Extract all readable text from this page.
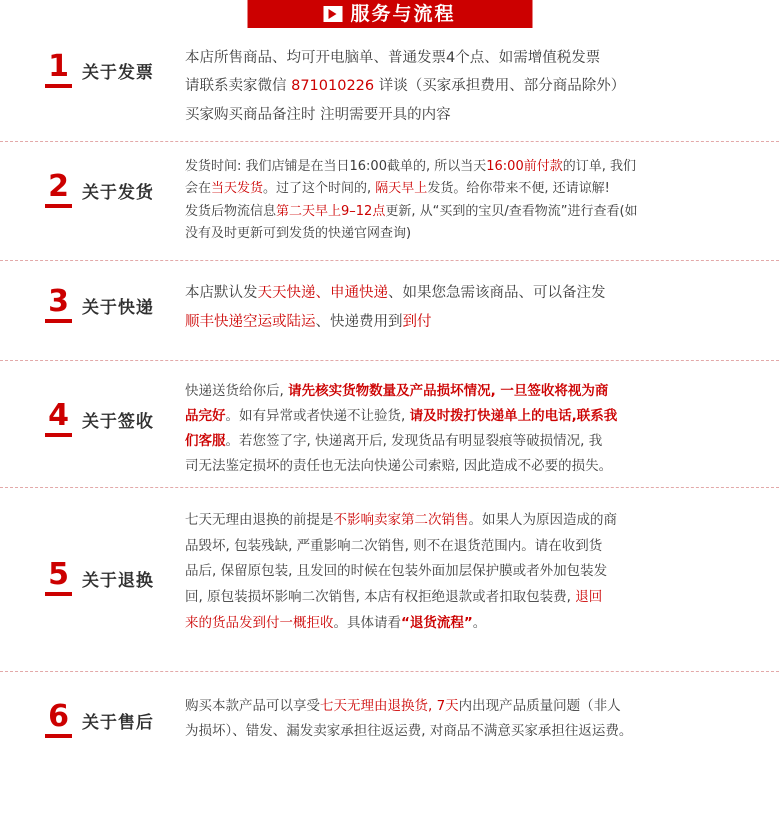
服务与流程
1 关于发票

本店所售商品、均可开电脑单、普通发票4个点、如需增值税发票

请联系卖家微信 871010226 详谈（买家承担费用、部分商品除外）

买家购买商品备注时 注明需要开具的内容

2 关于发货

发货时间: 我们店铺是在当日16:00截单的, 所以当天16:00前付款的订单, 我们

会在当天发货。过了这个时间的, 隔天早上发货。给你带来不便, 还请谅解!

发货后物流信息第二天早上9–12点更新, 从“买到的宝贝/查看物流”进行查看(如

没有及时更新可到发货的快递官网查询)

3 关于快递

本店默认发天天快递、申通快递、如果您急需该商品、可以备注发

顺丰快递空运或陆运、快递费用到到付

4 关于签收

快递送货给你后, 请先核实货物数量及产品损坏情况, 一旦签收将视为商

品完好。如有异常或者快递不让验货, 请及时拨打快递单上的电话,联系我

们客服。若您签了字, 快递离开后, 发现货品有明显裂痕等破损情况, 我

司无法鉴定损坏的责任也无法向快递公司索赔, 因此造成不必要的损失。

5 关于退换

七天无理由退换的前提是不影响卖家第二次销售。如果人为原因造成的商

品毁坏, 包装残缺, 严重影响二次销售, 则不在退货范围内。请在收到货

品后, 保留原包装, 且发回的时候在包装外面加层保护膜或者外加包装发

回, 原包装损坏影响二次销售, 本店有权拒绝退款或者扣取包装费, 退回

来的货品发到付一概拒收。具体请看“退货流程”。

6 关于售后

购买本款产品可以享受七天无理由退换货, 7天内出现产品质量问题（非人

为损坏）、错发、漏发卖家承担往返运费, 对商品不满意买家承担往返运费。
